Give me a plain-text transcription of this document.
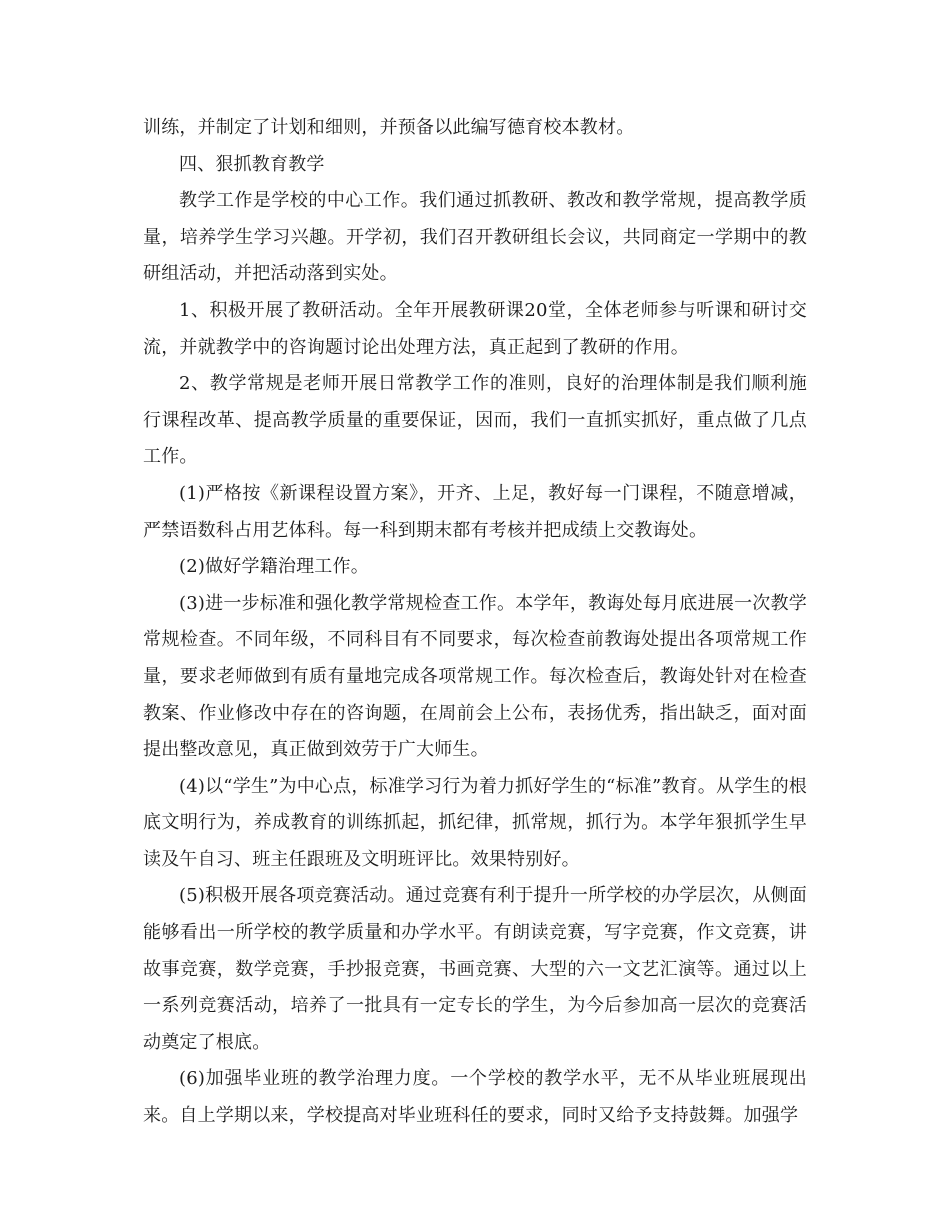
训练，并制定了计划和细则，并预备以此编写德育校本教材。

四、狠抓教育教学

教学工作是学校的中心工作。我们通过抓教研、教改和教学常规，提高教学质量，培养学生学习兴趣。开学初，我们召开教研组长会议，共同商定一学期中的教研组活动，并把活动落到实处。

1、积极开展了教研活动。全年开展教研课20堂，全体老师参与听课和研讨交流，并就教学中的咨询题讨论出处理方法，真正起到了教研的作用。

2、教学常规是老师开展日常教学工作的准则，良好的治理体制是我们顺利施行课程改革、提高教学质量的重要保证，因而，我们一直抓实抓好，重点做了几点工作。

(1)严格按《新课程设置方案》，开齐、上足，教好每一门课程，不随意增减，严禁语数科占用艺体科。每一科到期末都有考核并把成绩上交教诲处。

(2)做好学籍治理工作。

(3)进一步标准和强化教学常规检查工作。本学年，教诲处每月底进展一次教学常规检查。不同年级，不同科目有不同要求，每次检查前教诲处提出各项常规工作量，要求老师做到有质有量地完成各项常规工作。每次检查后，教诲处针对在检查教案、作业修改中存在的咨询题，在周前会上公布，表扬优秀，指出缺乏，面对面提出整改意见，真正做到效劳于广大师生。

(4)以“学生”为中心点，标准学习行为着力抓好学生的“标准”教育。从学生的根底文明行为，养成教育的训练抓起，抓纪律，抓常规，抓行为。本学年狠抓学生早读及午自习、班主任跟班及文明班评比。效果特别好。

(5)积极开展各项竞赛活动。通过竞赛有利于提升一所学校的办学层次，从侧面能够看出一所学校的教学质量和办学水平。有朗读竞赛，写字竞赛，作文竞赛，讲故事竞赛，数学竞赛，手抄报竞赛，书画竞赛、大型的六一文艺汇演等。通过以上一系列竞赛活动，培养了一批具有一定专长的学生，为今后参加高一层次的竞赛活动奠定了根底。

(6)加强毕业班的教学治理力度。一个学校的教学水平，无不从毕业班展现出来。自上学期以来，学校提高对毕业班科任的要求，同时又给予支持鼓舞。加强学
